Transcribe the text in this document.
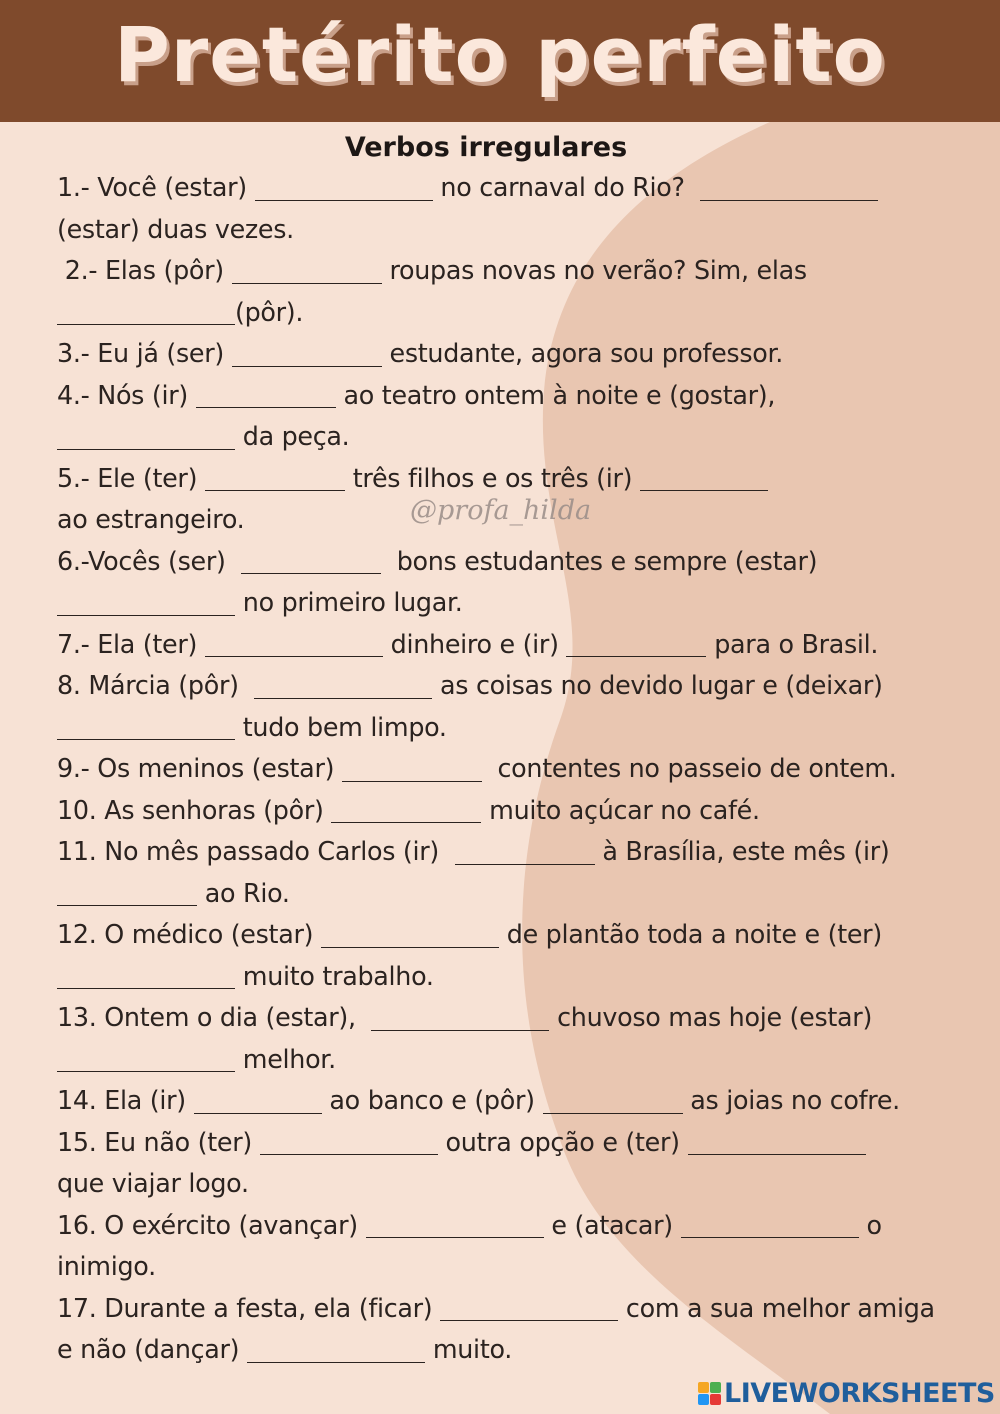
Pretérito perfeito
Verbos irregulares
1.- Você (estar)	no carnaval do Rio?
(estar) duas vezes.
2.- Elas (pôr)	roupas novas no verão? Sim, elas
(pôr).
3.- Eu já (ser)	estudante, agora sou professor.
4.- Nós (ir)	ao teatro ontem à noite e (gostar),
da peça.
5.- Ele (ter)	três filhos e os três (ir)
ao estrangeiro.
6.-Vocês (ser)	bons estudantes e sempre (estar)
no primeiro lugar.
7.- Ela (ter)	dinheiro e (ir)	para o Brasil.
8. Márcia (pôr)	as coisas no devido lugar e (deixar)
tudo bem limpo.
9.- Os meninos (estar)	contentes no passeio de ontem.
10. As senhoras (pôr)	muito açúcar no café.
11. No mês passado Carlos (ir)	à Brasília, este mês (ir)
ao Rio.
12. O médico (estar)	de plantão toda a noite e (ter)
muito trabalho.
13. Ontem o dia (estar),	chuvoso mas hoje (estar)
melhor.
14. Ela (ir)	ao banco e (pôr)	as joias no cofre.
15. Eu não (ter)	outra opção e (ter)
que viajar logo.
16. O exército (avançar)	e (atacar)	o
inimigo.
17. Durante a festa, ela (ficar)	com a sua melhor amiga
e não (dançar)	muito.
@profa_hilda
LIVEWORKSHEETS
